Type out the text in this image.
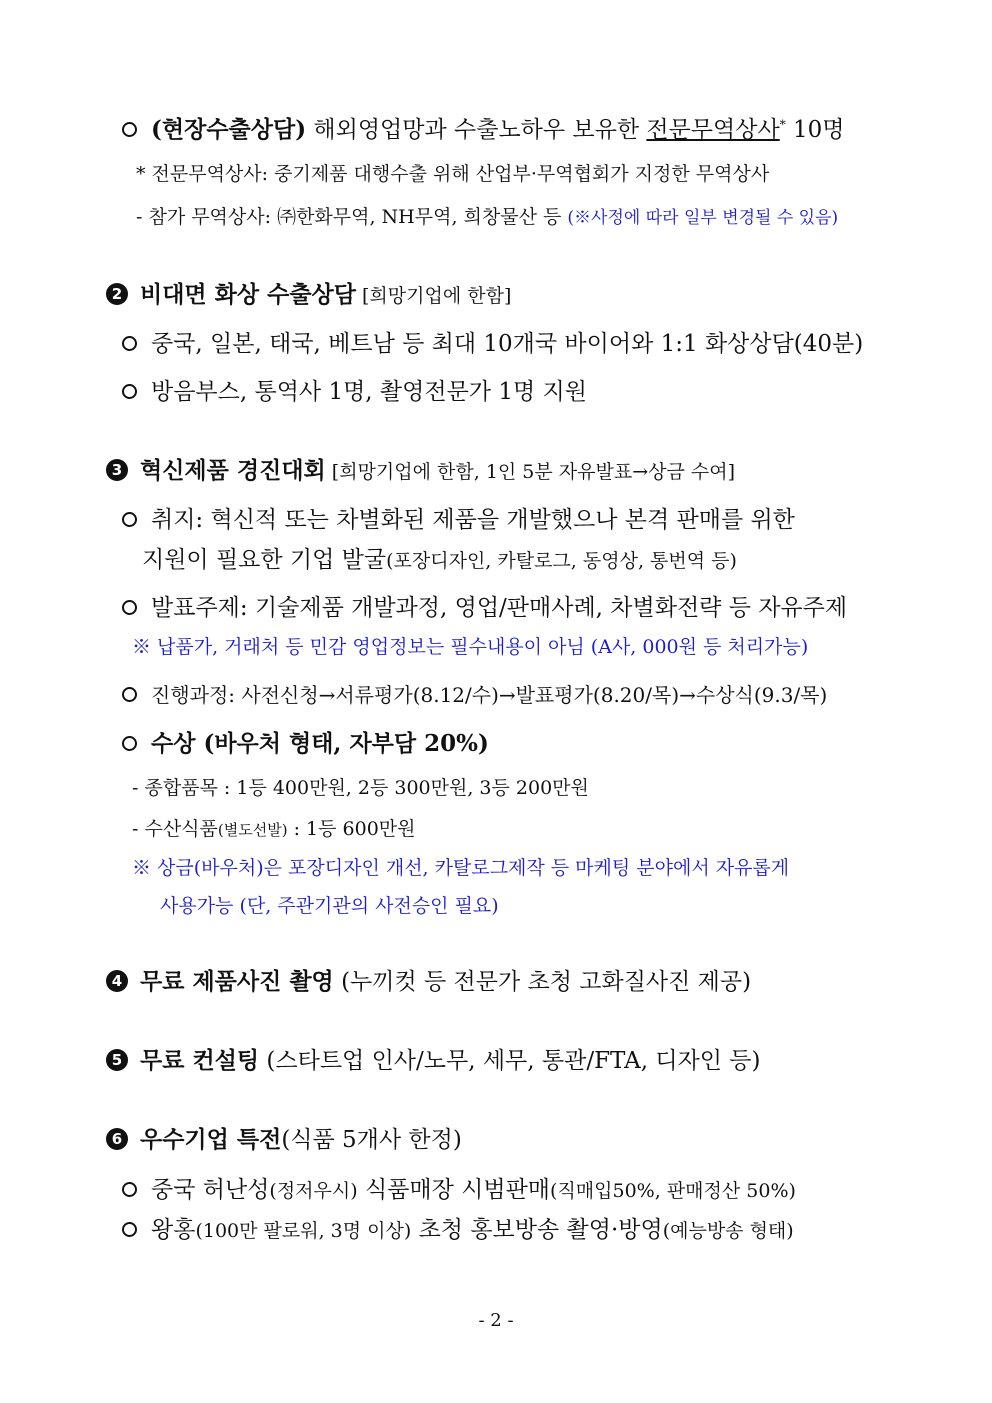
(현장수출상담) 해외영업망과 수출노하우 보유한 전문무역상사* 10명
* 전문무역상사: 중기제품 대행수출 위해 산업부·무역협회가 지정한 무역상사
- 참가 무역상사: ㈜한화무역, NH무역, 희창물산 등 (※사정에 따라 일부 변경될 수 있음)
2 비대면 화상 수출상담 [희망기업에 한함]
중국, 일본, 태국, 베트남 등 최대 10개국 바이어와 1:1 화상상담(40분)
방음부스, 통역사 1명, 촬영전문가 1명 지원
3 혁신제품 경진대회 [희망기업에 한함, 1인 5분 자유발표→상금 수여]
취지: 혁신적 또는 차별화된 제품을 개발했으나 본격 판매를 위한
지원이 필요한 기업 발굴(포장디자인, 카탈로그, 동영상, 통번역 등)
발표주제: 기술제품 개발과정, 영업/판매사례, 차별화전략 등 자유주제
※ 납품가, 거래처 등 민감 영업정보는 필수내용이 아님 (A사, 000원 등 처리가능)
진행과정: 사전신청→서류평가(8.12/수)→발표평가(8.20/목)→수상식(9.3/목)
수상 (바우처 형태, 자부담 20%)
- 종합품목 : 1등 400만원, 2등 300만원, 3등 200만원
- 수산식품(별도선발) : 1등 600만원
※ 상금(바우처)은 포장디자인 개선, 카탈로그제작 등 마케팅 분야에서 자유롭게
사용가능 (단, 주관기관의 사전승인 필요)
4 무료 제품사진 촬영 (누끼컷 등 전문가 초청 고화질사진 제공)
5 무료 컨설팅 (스타트업 인사/노무, 세무, 통관/FTA, 디자인 등)
6 우수기업 특전(식품 5개사 한정)
중국 허난성(정저우시) 식품매장 시범판매(직매입50%, 판매정산 50%)
왕홍(100만 팔로워, 3명 이상) 초청 홍보방송 촬영·방영(예능방송 형태)
- 2 -
